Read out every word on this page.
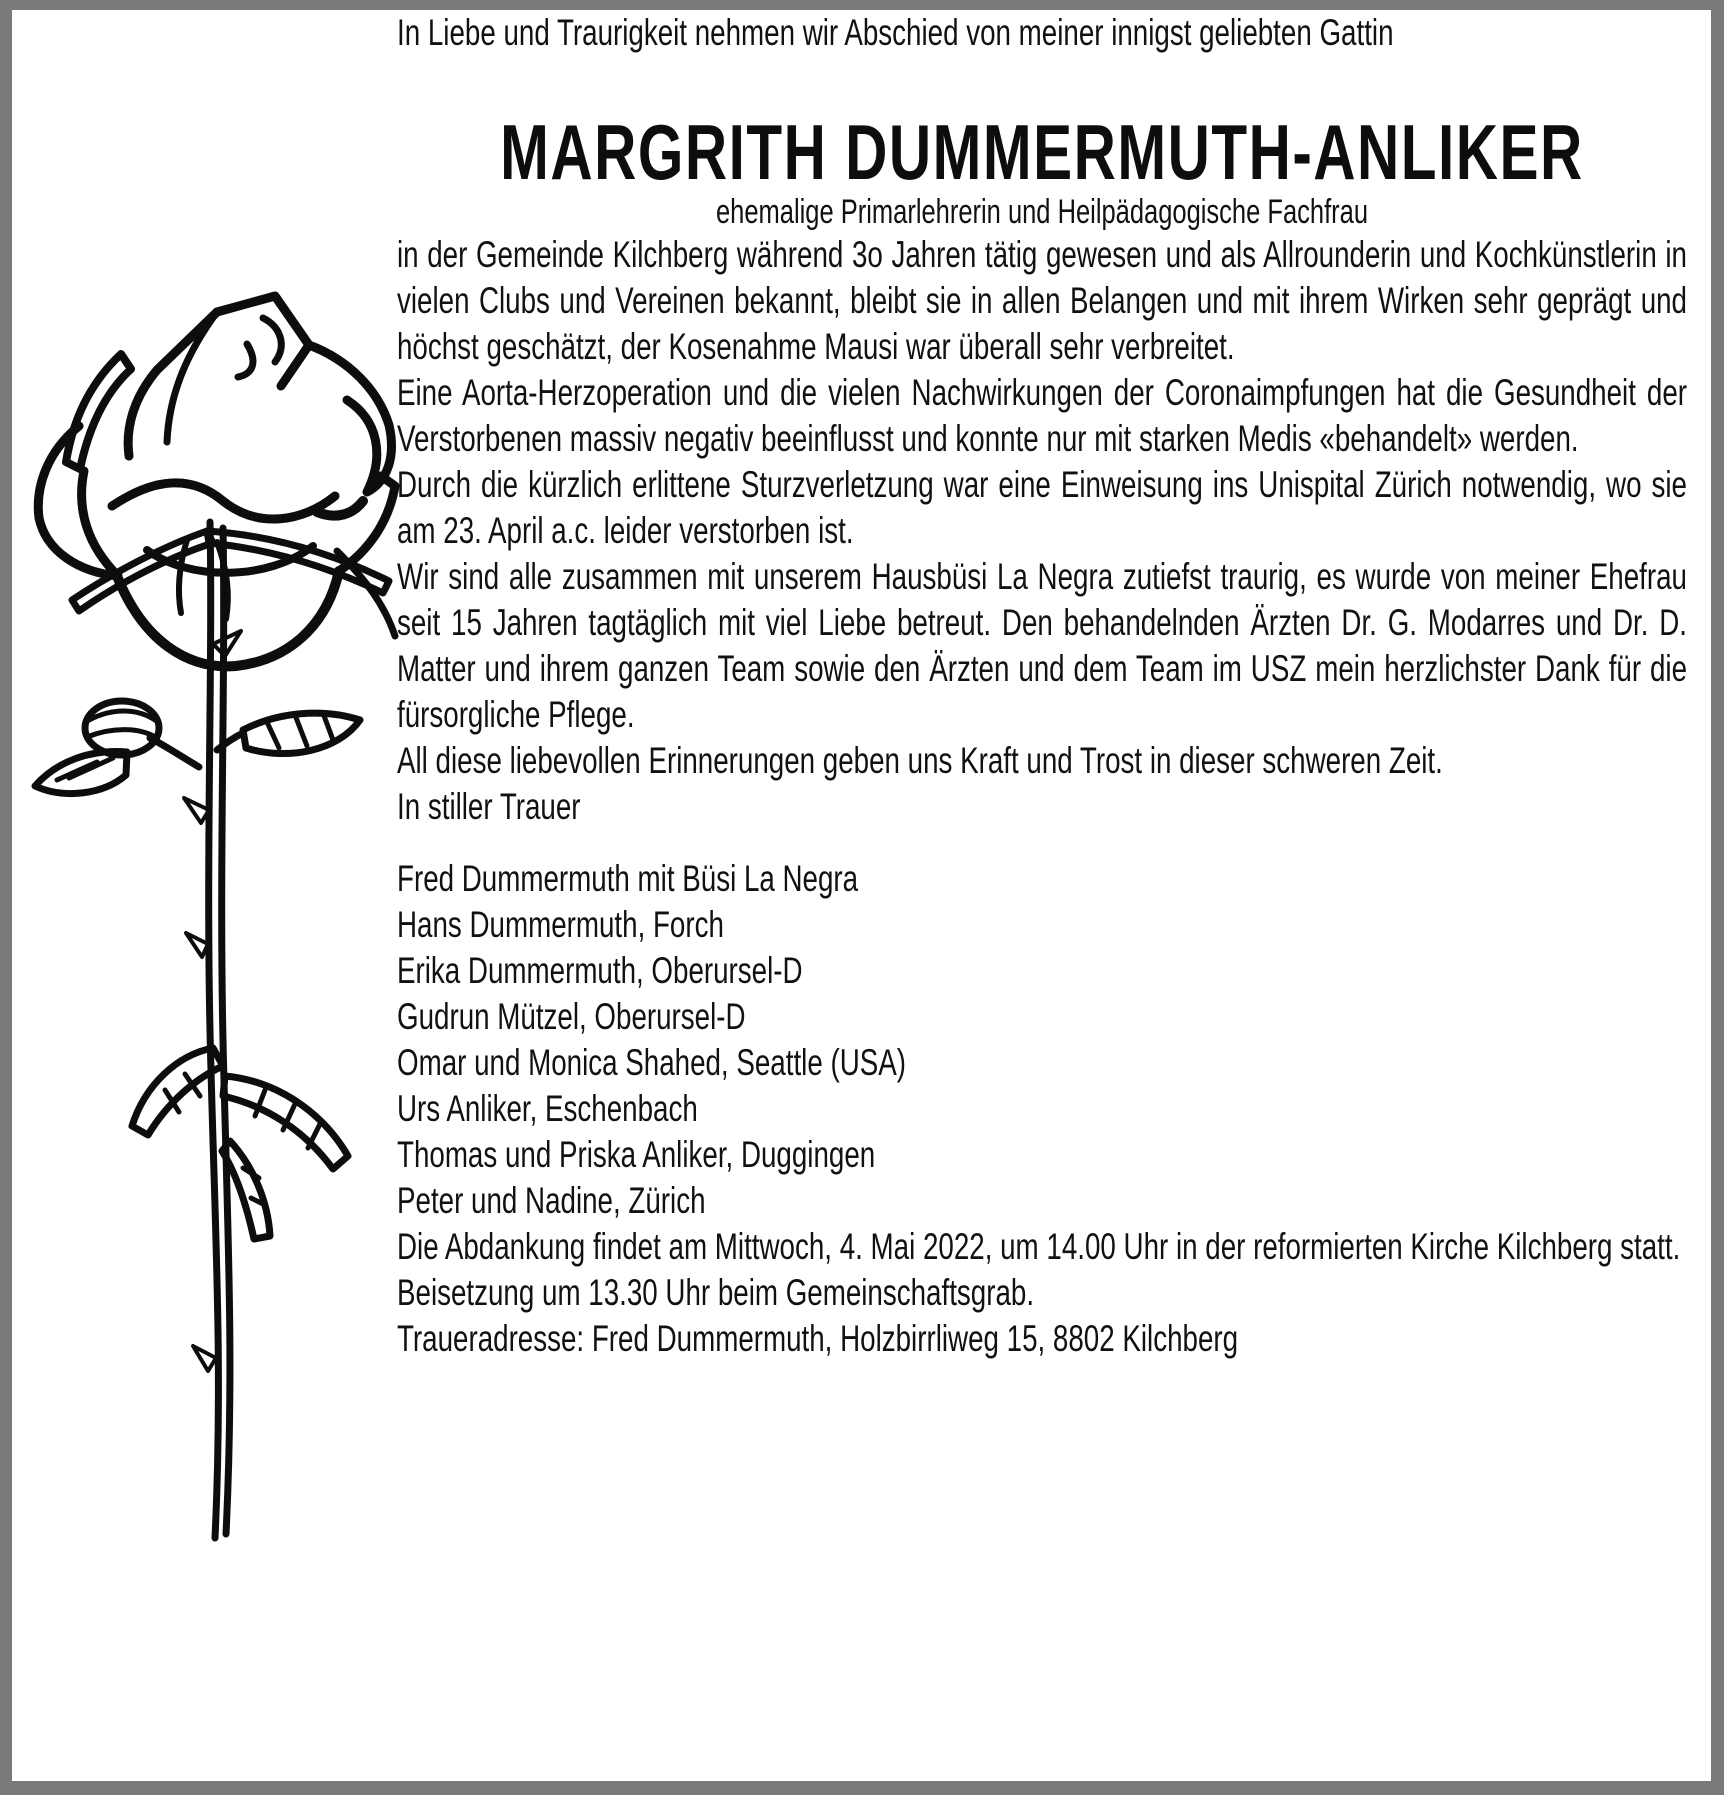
In Liebe und Traurigkeit nehmen wir Abschied von meiner innigst geliebten Gattin

MARGRITH DUMMERMUTH-ANLIKER

ehemalige Primarlehrerin und Heilpädagogische Fachfrau

in der Gemeinde Kilchberg während 3o Jahren tätig gewesen und als Allrounderin und Kochkünstlerin in vielen Clubs und Vereinen bekannt, bleibt sie in allen Belangen und mit ihrem Wirken sehr geprägt und höchst geschätzt, der Kosenahme Mausi war überall sehr verbreitet.

Eine Aorta-Herzoperation und die vielen Nachwirkungen der Coronaimpfungen hat die Gesundheit der Verstorbenen massiv negativ beeinflusst und konnte nur mit starken Medis «behandelt» werden.

Durch die kürzlich erlittene Sturzverletzung war eine Einweisung ins Unispital Zürich notwendig, wo sie am 23. April a.c. leider verstorben ist.

Wir sind alle zusammen mit unserem Hausbüsi La Negra zutiefst traurig, es wurde von meiner Ehefrau seit 15 Jahren tagtäglich mit viel Liebe betreut. Den behandelnden Ärzten Dr. G. Modarres und Dr. D. Matter und ihrem ganzen Team sowie den Ärzten und dem Team im USZ mein herzlichster Dank für die fürsorgliche Pflege.

All diese liebevollen Erinnerungen geben uns Kraft und Trost in dieser schweren Zeit.

In stiller Trauer

Fred Dummermuth mit Büsi La Negra

Hans Dummermuth, Forch

Erika Dummermuth, Oberursel-D

Gudrun Mützel, Oberursel-D

Omar und Monica Shahed, Seattle (USA)

Urs Anliker, Eschenbach

Thomas und Priska Anliker, Duggingen

Peter und Nadine, Zürich

Die Abdankung findet am Mittwoch, 4. Mai 2022, um 14.00 Uhr in der reformierten Kirche Kilchberg statt.

Beisetzung um 13.30 Uhr beim Gemeinschaftsgrab.

Traueradresse: Fred Dummermuth, Holzbirrliweg 15, 8802 Kilchberg
